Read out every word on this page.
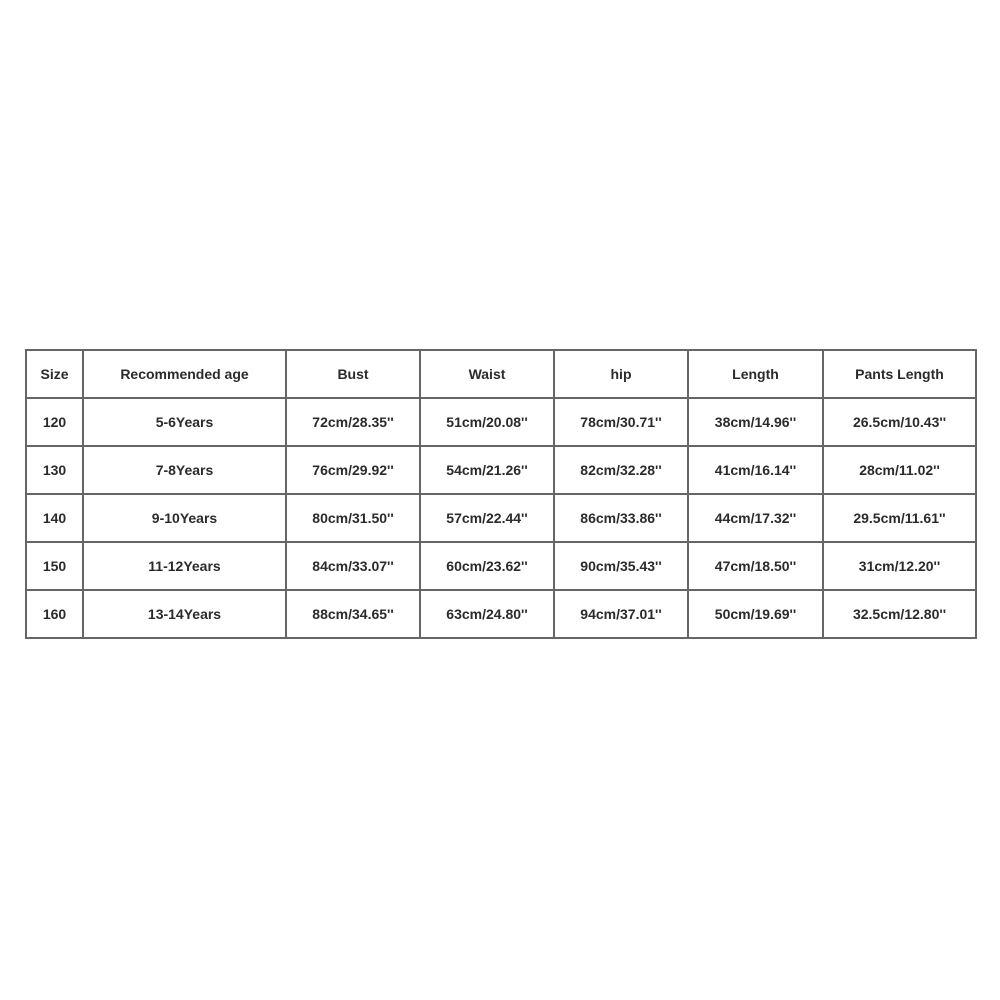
Size	Recommended age	Bust	Waist	hip	Length	Pants Length
120	5-6Years	72cm/28.35''	51cm/20.08''	78cm/30.71''	38cm/14.96''	26.5cm/10.43''
130	7-8Years	76cm/29.92''	54cm/21.26''	82cm/32.28''	41cm/16.14''	28cm/11.02''
140	9-10Years	80cm/31.50''	57cm/22.44''	86cm/33.86''	44cm/17.32''	29.5cm/11.61''
150	11-12Years	84cm/33.07''	60cm/23.62''	90cm/35.43''	47cm/18.50''	31cm/12.20''
160	13-14Years	88cm/34.65''	63cm/24.80''	94cm/37.01''	50cm/19.69''	32.5cm/12.80''
